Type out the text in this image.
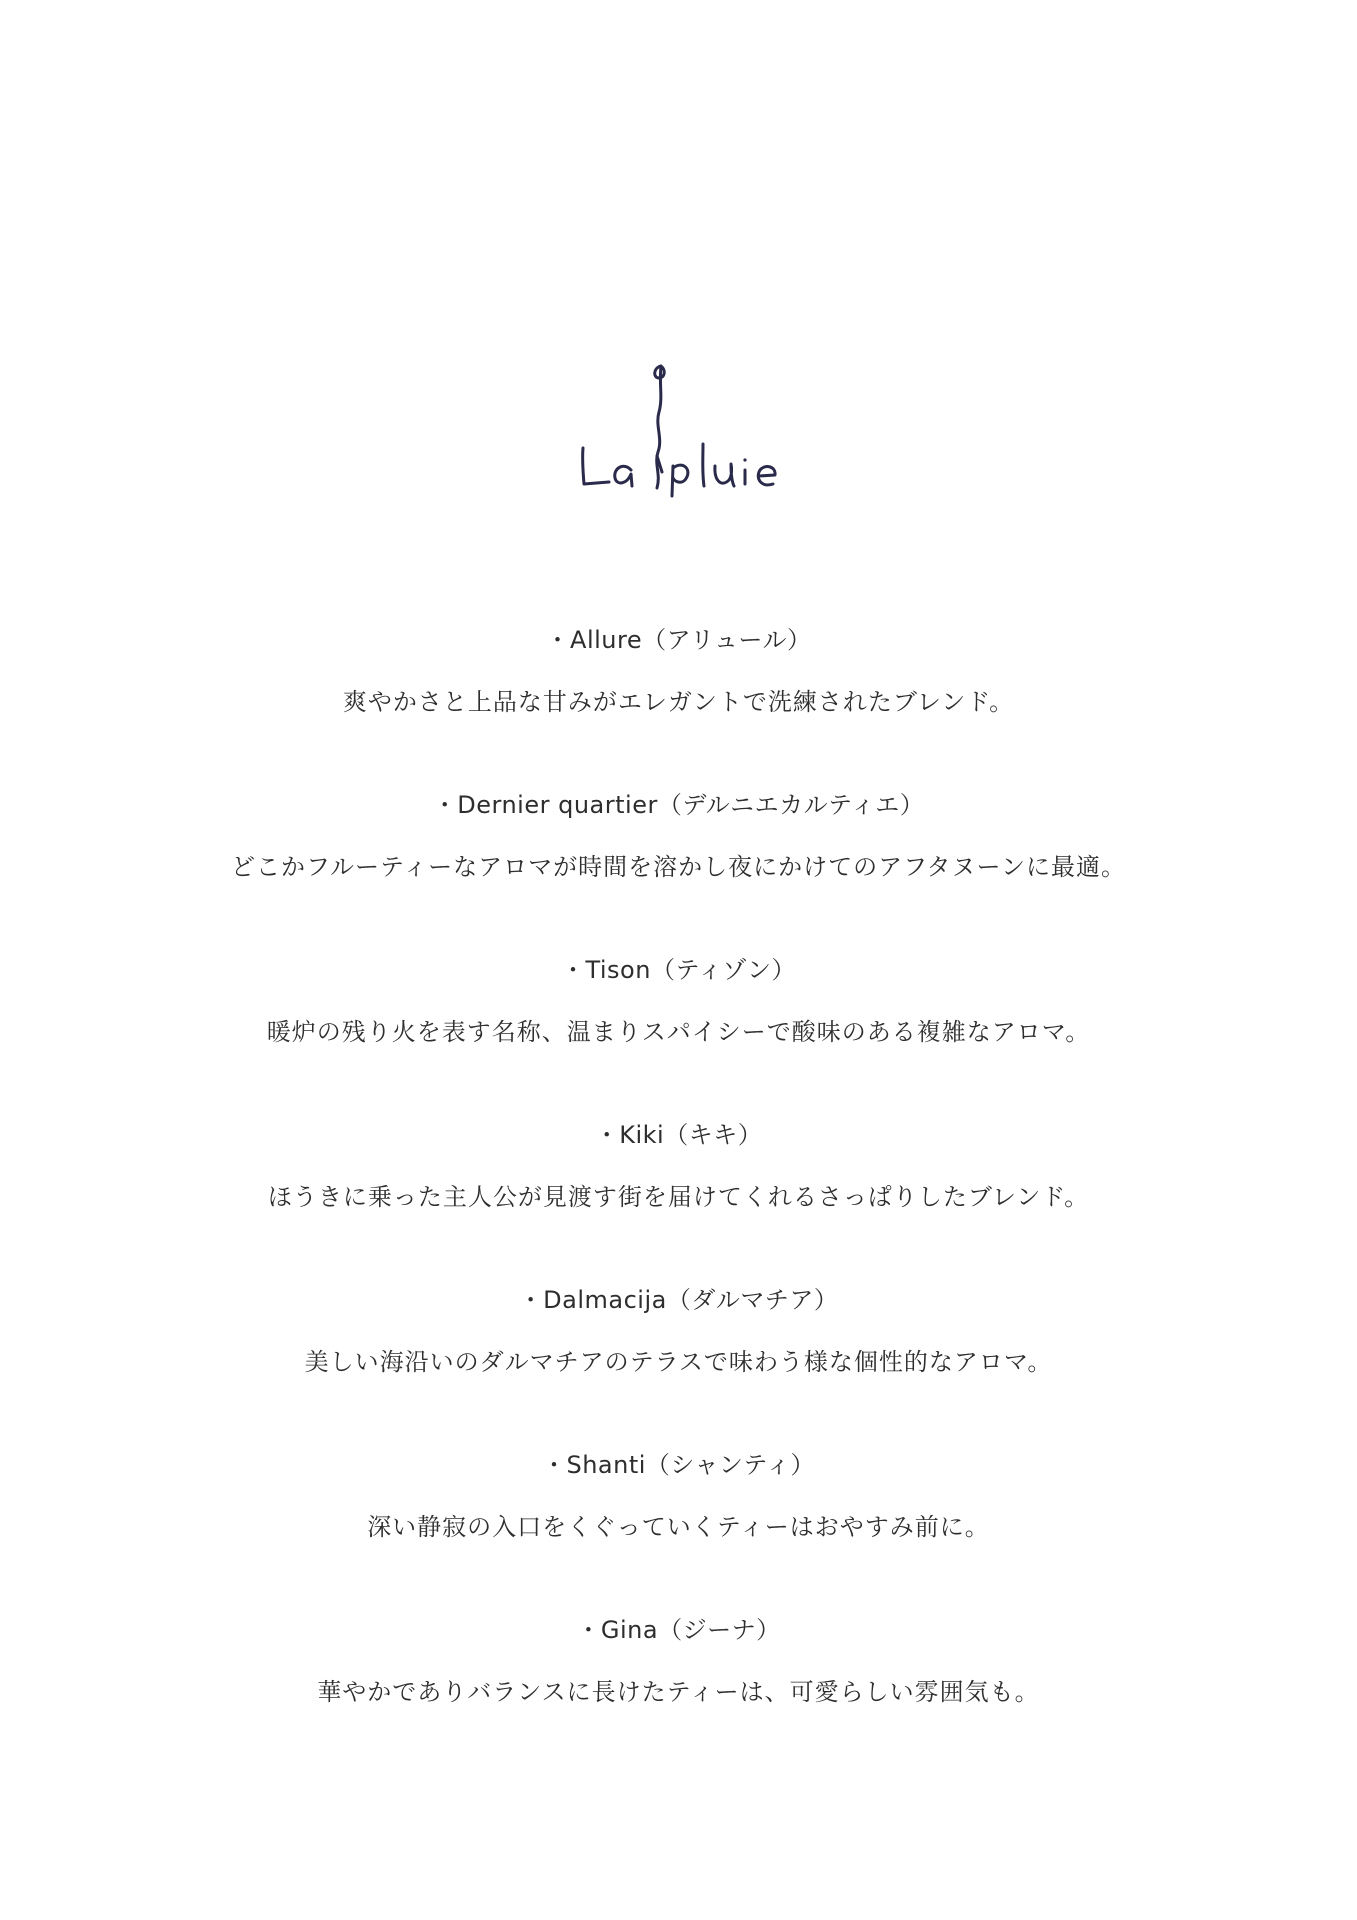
・Allure（アリュール）
爽やかさと上品な甘みがエレガントで洗練されたブレンド。
・Dernier quartier（デルニエカルティエ）
どこかフルーティーなアロマが時間を溶かし夜にかけてのアフタヌーンに最適。
・Tison（ティゾン）
暖炉の残り火を表す名称、温まりスパイシーで酸味のある複雑なアロマ。
・Kiki（キキ）
ほうきに乗った主人公が見渡す街を届けてくれるさっぱりしたブレンド。
・Dalmacija（ダルマチア）
美しい海沿いのダルマチアのテラスで味わう様な個性的なアロマ。
・Shanti（シャンティ）
深い静寂の入口をくぐっていくティーはおやすみ前に。
・Gina（ジーナ）
華やかでありバランスに長けたティーは、可愛らしい雰囲気も。
